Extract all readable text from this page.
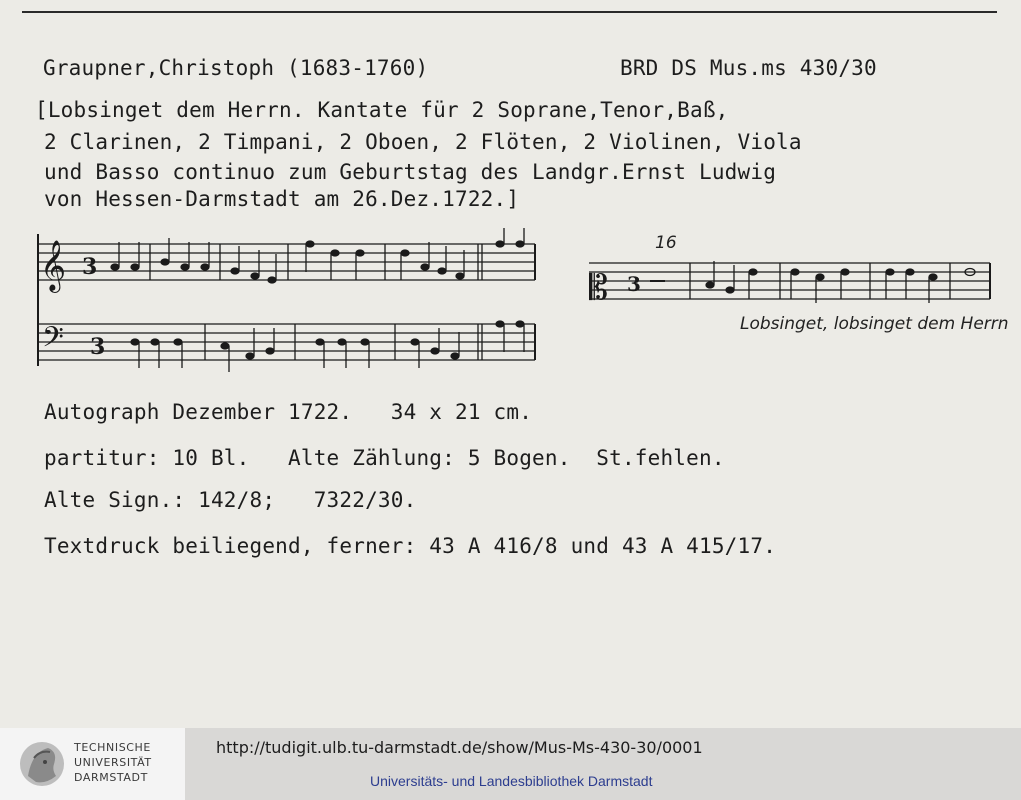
Graupner,Christoph (1683-1760)	BRD DS Mus.ms 430/30
[Lobsinget dem Herrn. Kantate für 2 Soprane,Tenor,Baß,
2 Clarinen, 2 Timpani, 2 Oboen, 2 Flöten, 2 Violinen, Viola
und Basso continuo zum Geburtstag des Landgr.Ernst Ludwig
von Hessen-Darmstadt am 26.Dez.1722.]
𝄞 3
𝄢 3
𝄡 3
16
Lobsinget, lobsinget dem Herrn
Autograph Dezember 1722.   34 x 21 cm.
partitur: 10 Bl.   Alte Zählung: 5 Bogen.  St.fehlen.
Alte Sign.: 142/8;   7322/30.
Textdruck beiliegend, ferner: 43 A 416/8 und 43 A 415/17.
TECHNISCHE
UNIVERSITÄT
DARMSTADT
http://tudigit.ulb.tu-darmstadt.de/show/Mus-Ms-430-30/0001
Universitäts- und Landesbibliothek Darmstadt
